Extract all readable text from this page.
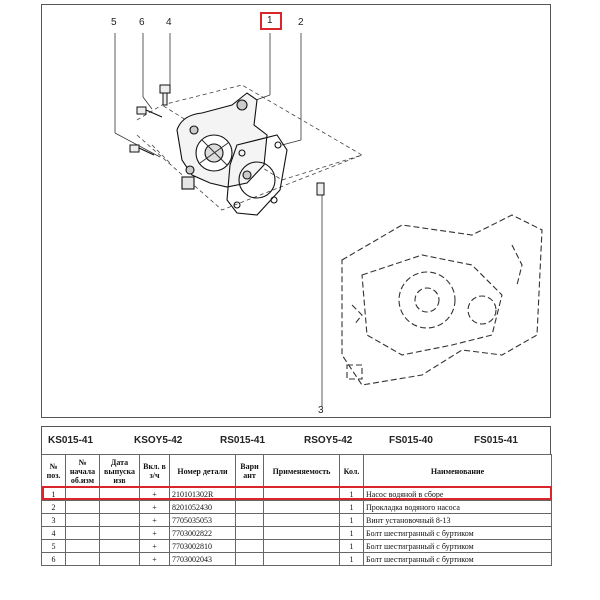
5 6 4	1	2
3
KS015-41	KSOY5-42	RS015-41	RSOY5-42	FS015-40	FS015-41
№ поз.	№ начала об.изм	Дата выпуска изв	Вкл. в з/ч	Номер детали	Вари ант	Применяемость	Кол.	Наименование
1			+	210101302R			1	Насос водяной в сборе
2			+	8201052430			1	Прокладка водяного насоса
3			+	7705035053			1	Винт установочный 8-13
4			+	7703002822			1	Болт шестигранный с буртиком
5			+	7703002810			1	Болт шестигранный с буртиком
6			+	7703002043			1	Болт шестигранный с буртиком
